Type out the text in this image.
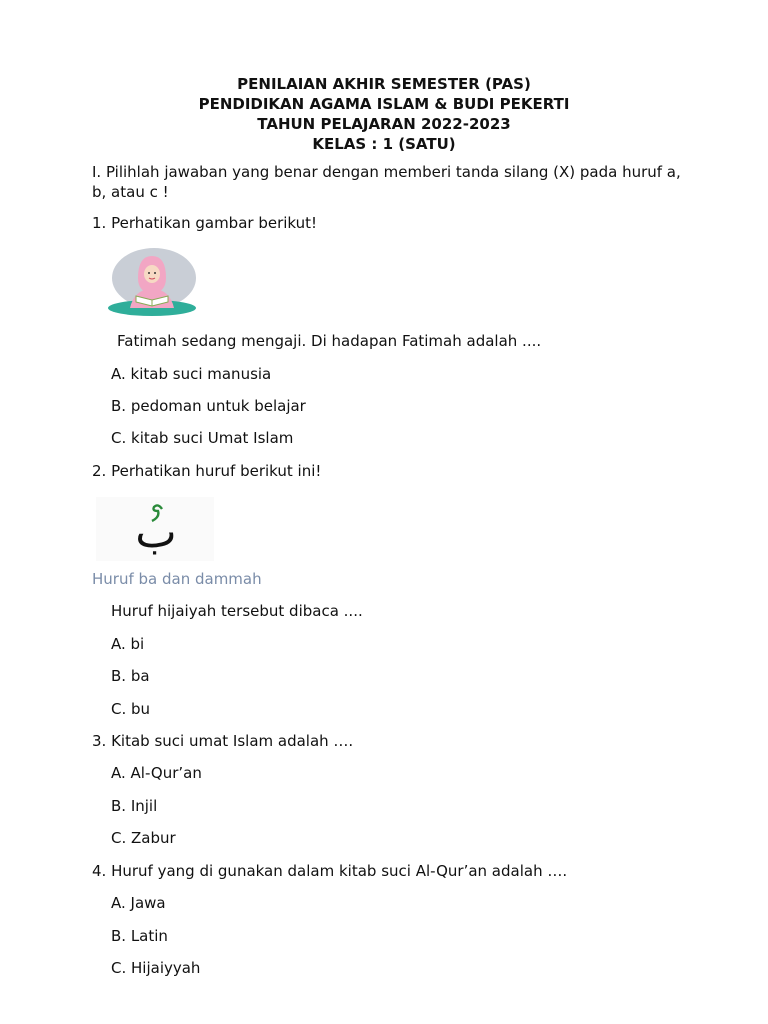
PENILAIAN AKHIR SEMESTER (PAS)
PENDIDIKAN AGAMA ISLAM & BUDI PEKERTI
TAHUN PELAJARAN 2022-2023
KELAS : 1 (SATU)
I. Pilihlah jawaban yang benar dengan memberi tanda silang (X) pada huruf a, b, atau c !
1. Perhatikan gambar berikut!
Fatimah sedang mengaji. Di hadapan Fatimah adalah ....
A. kitab suci manusia
B. pedoman untuk belajar
C. kitab suci Umat Islam
2. Perhatikan huruf berikut ini!
ب
Huruf ba dan dammah
Huruf hijaiyah tersebut dibaca ....
A. bi
B. ba
C. bu
3. Kitab suci umat Islam adalah ….
A. Al-Qur’an
B. Injil
C. Zabur
4. Huruf yang di gunakan dalam kitab suci Al-Qur’an adalah ….
A. Jawa
B. Latin
C. Hijaiyyah
